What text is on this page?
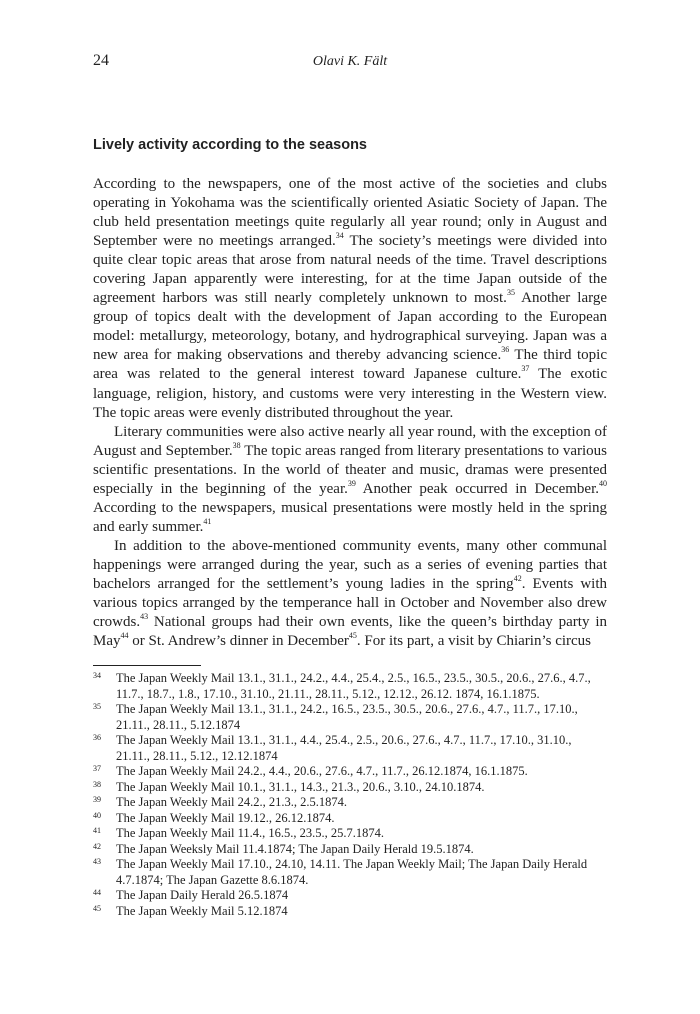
24	Olavi K. Fält
Lively activity according to the seasons

According to the newspapers, one of the most active of the societies and clubs operating in Yokohama was the scientifically oriented Asiatic Society of Japan. The club held presentation meetings quite regularly all year round; only in August and September were no meetings arranged.$^{34}$ The society’s meetings were divided into quite clear topic areas that arose from natural needs of the time. Travel descriptions covering Japan apparently were interesting, for at the time Japan outside of the agreement harbors was still nearly completely unknown to most.$^{35}$ Another large group of topics dealt with the development of Japan according to the European model: metallurgy, meteorology, botany, and hydrographical surveying. Japan was a new area for making observations and thereby advancing science.$^{36}$ The third topic area was related to the general interest toward Japanese culture.$^{37}$ The exotic language, religion, history, and customs were very interesting in the Western view. The topic areas were evenly distributed throughout the year.

Literary communities were also active nearly all year round, with the exception of August and September.$^{38}$ The topic areas ranged from literary presentations to various scientific presentations. In the world of theater and music, dramas were presented especially in the beginning of the year.$^{39}$ Another peak occurred in December.$^{40}$ According to the newspapers, musical presentations were mostly held in the spring and early summer.$^{41}$

In addition to the above-mentioned community events, many other communal happenings were arranged during the year, such as a series of evening parties that bachelors arranged for the settlement’s young ladies in the spring$^{42}$. Events with various topics arranged by the temperance hall in October and November also drew crowds.$^{43}$ National groups had their own events, like the queen’s birthday party in May$^{44}$ or St. Andrew’s dinner in December$^{45}$. For its part, a visit by Chiarin’s circus

34 The Japan Weekly Mail 13.1., 31.1., 24.2., 4.4., 25.4., 2.5., 16.5., 23.5., 30.5., 20.6., 27.6., 4.7., 11.7., 18.7., 1.8., 17.10., 31.10., 21.11., 28.11., 5.12., 12.12., 26.12. 1874, 16.1.1875.
35 The Japan Weekly Mail 13.1., 31.1., 24.2., 16.5., 23.5., 30.5., 20.6., 27.6., 4.7., 11.7., 17.10., 21.11., 28.11., 5.12.1874
36 The Japan Weekly Mail 13.1., 31.1., 4.4., 25.4., 2.5., 20.6., 27.6., 4.7., 11.7., 17.10., 31.10., 21.11., 28.11., 5.12., 12.12.1874
37 The Japan Weekly Mail 24.2., 4.4., 20.6., 27.6., 4.7., 11.7., 26.12.1874, 16.1.1875.
38 The Japan Weekly Mail 10.1., 31.1., 14.3., 21.3., 20.6., 3.10., 24.10.1874.
39 The Japan Weekly Mail 24.2., 21.3., 2.5.1874.
40 The Japan Weekly Mail 19.12., 26.12.1874.
41 The Japan Weekly Mail 11.4., 16.5., 23.5., 25.7.1874.
42 The Japan Weeksly Mail 11.4.1874; The Japan Daily Herald 19.5.1874.
43 The Japan Weekly Mail 17.10., 24.10, 14.11. The Japan Weekly Mail; The Japan Daily Herald 4.7.1874; The Japan Gazette 8.6.1874.
44 The Japan Daily Herald 26.5.1874
45 The Japan Weekly Mail 5.12.1874
